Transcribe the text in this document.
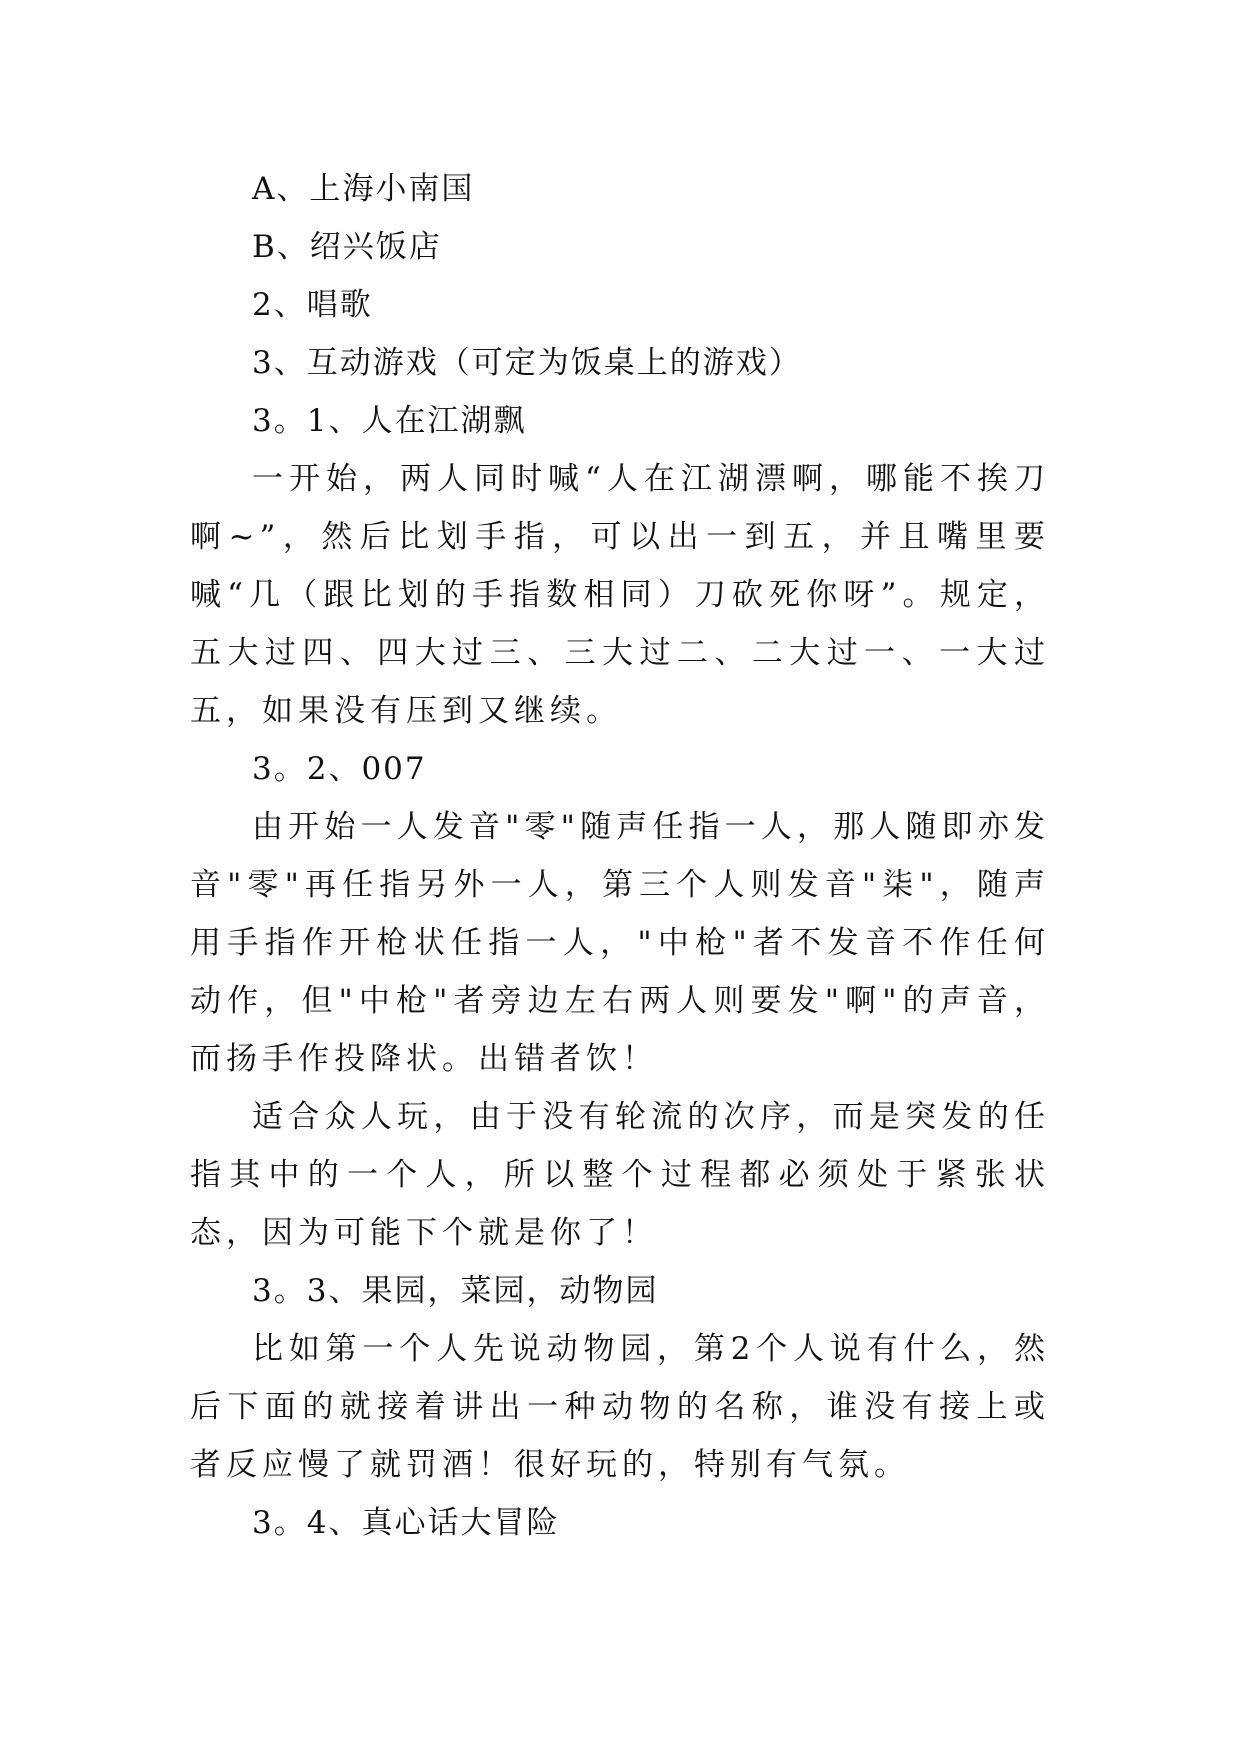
A、上海小南国

B、绍兴饭店

2、唱歌

3、互动游戏（可定为饭桌上的游戏）

3。1、人在江湖飘

一开始，两人同时喊“人在江湖漂啊，哪能不挨刀啊~”，然后比划手指，可以出一到五，并且嘴里要喊“几（跟比划的手指数相同）刀砍死你呀”。规定，五大过四、四大过三、三大过二、二大过一、一大过五，如果没有压到又继续。

3。2、007

由开始一人发音"零"随声任指一人，那人随即亦发音"零"再任指另外一人，第三个人则发音"柒"，随声用手指作开枪状任指一人，"中枪"者不发音不作任何动作，但"中枪"者旁边左右两人则要发"啊"的声音，而扬手作投降状。出错者饮！

适合众人玩，由于没有轮流的次序，而是突发的任指其中的一个人，所以整个过程都必须处于紧张状态，因为可能下个就是你了！

3。3、果园，菜园，动物园

比如第一个人先说动物园，第2个人说有什么，然后下面的就接着讲出一种动物的名称，谁没有接上或者反应慢了就罚酒！很好玩的，特别有气氛。

3。4、真心话大冒险
